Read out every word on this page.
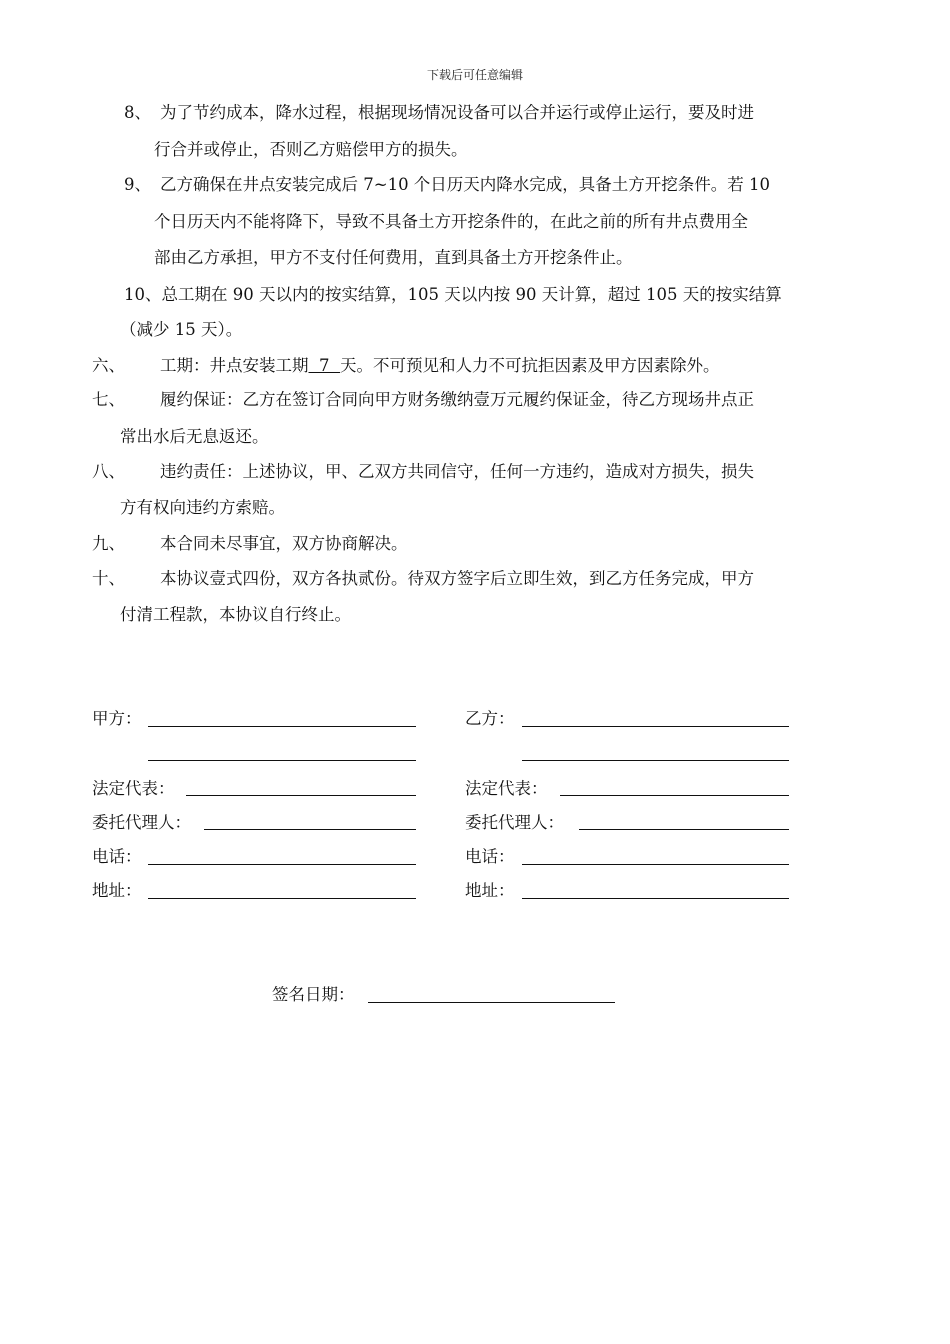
下载后可任意编辑
8、 为了节约成本，降水过程，根据现场情况设备可以合并运行或停止运行，要及时进
行合并或停止，否则乙方赔偿甲方的损失。
9、 乙方确保在井点安装完成后 7~10 个日历天内降水完成，具备土方开挖条件。若 10
个日历天内不能将降下，导致不具备土方开挖条件的，在此之前的所有井点费用全
部由乙方承担，甲方不支付任何费用，直到具备土方开挖条件止。
10、总工期在 90 天以内的按实结算，105 天以内按 90 天计算，超过 105 天的按实结算
（减少 15 天）。
六、 工期：井点安装工期  7  天。不可预见和人力不可抗拒因素及甲方因素除外。
七、 履约保证：乙方在签订合同向甲方财务缴纳壹万元履约保证金，待乙方现场井点正
常出水后无息返还。
八、 违约责任：上述协议，甲、乙双方共同信守，任何一方违约，造成对方损失，损失
方有权向违约方索赔。
九、 本合同未尽事宜，双方协商解决。
十、 本协议壹式四份，双方各执贰份。待双方签字后立即生效，到乙方任务完成，甲方
付清工程款，本协议自行终止。
甲方：
法定代表：
委托代理人：
电话：
地址：
乙方：
法定代表：
委托代理人：
电话：
地址：
签名日期：
